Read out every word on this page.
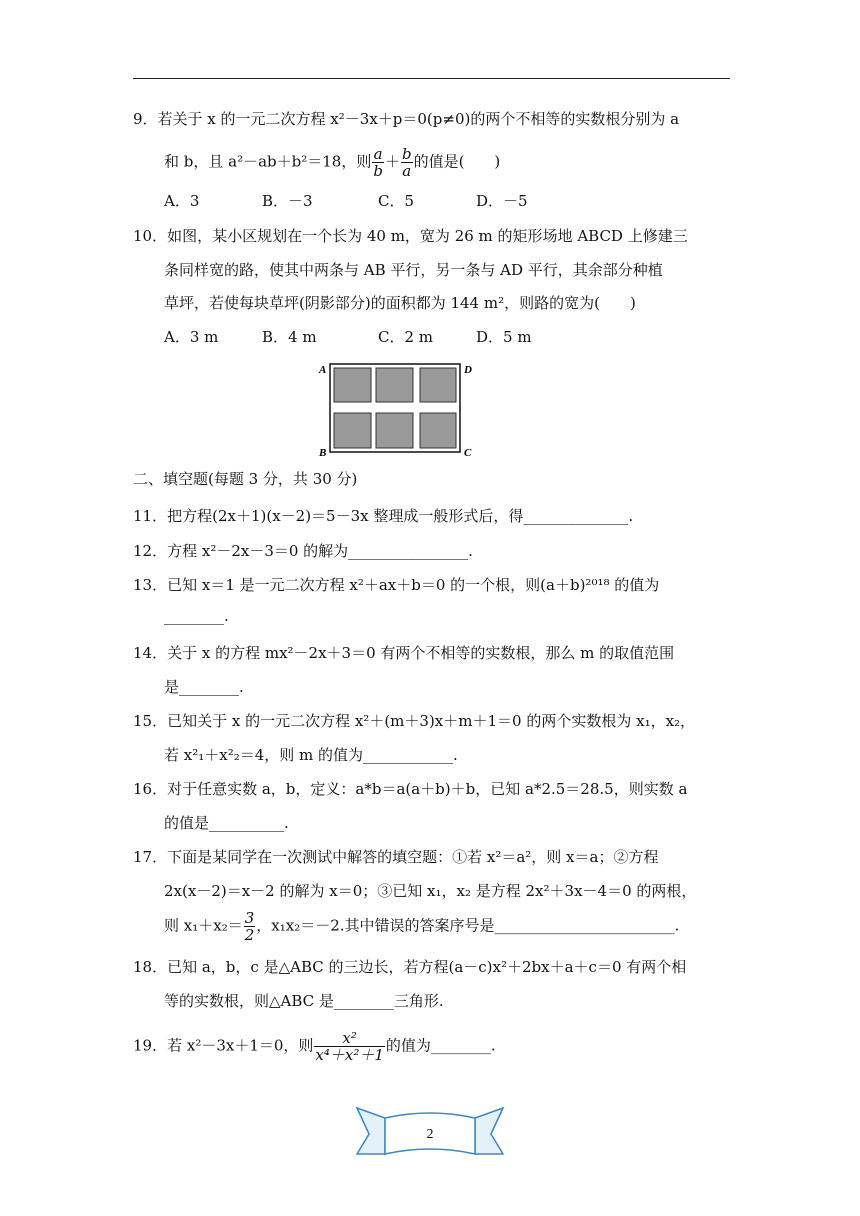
9．若关于 x 的一元二次方程 x²－3x＋p＝0(p≠0)的两个不相等的实数根分别为 a
和 b，且 a²－ab＋b²＝18，则 $\frac{a}{b} + \frac{b}{a}$ 的值是(　　)
A．3	B．－3	C．5	D．－5
10．如图，某小区规划在一个长为 40 m，宽为 26 m 的矩形场地 ABCD 上修建三
条同样宽的路，使其中两条与 AB 平行，另一条与 AD 平行，其余部分种植
草坪，若使每块草坪(阴影部分)的面积都为 144 m²，则路的宽为(　　)
A．3 m	B．4 m	C．2 m	D．5 m
A	D
B	C
二、填空题(每题 3 分，共 30 分)
11．把方程(2x＋1)(x－2)＝5－3x 整理成一般形式后，得______________.
12．方程 x²－2x－3＝0 的解为________________.
13．已知 x＝1 是一元二次方程 x²＋ax＋b＝0 的一个根，则(a＋b)²⁰¹⁸ 的值为
________.
14．关于 x 的方程 mx²－2x＋3＝0 有两个不相等的实数根，那么 m 的取值范围
是________.
15．已知关于 x 的一元二次方程 x²＋(m＋3)x＋m＋1＝0 的两个实数根为 x₁，x₂，
若 x²₁＋x²₂＝4，则 m 的值为____________.
16．对于任意实数 a，b，定义：a*b＝a(a＋b)＋b，已知 a*2.5＝28.5，则实数 a
的值是__________.
17．下面是某同学在一次测试中解答的填空题：①若 x²＝a²，则 x＝a；②方程
2x(x－2)＝x－2 的解为 x＝0；③已知 x₁，x₂ 是方程 2x²＋3x－4＝0 的两根，
则 $x_1+x_2= \frac{3}{2}$ ，x₁x₂＝－2.其中错误的答案序号是________________________.
18．已知 a，b，c 是△ABC 的三边长，若方程(a－c)x²＋2bx＋a＋c＝0 有两个相
等的实数根，则△ABC 是________三角形.
19．若 x²－3x＋1＝0，则 $\frac{\text{x²}}{\text{x⁴＋x²＋1}}$ 的值为________.
2
